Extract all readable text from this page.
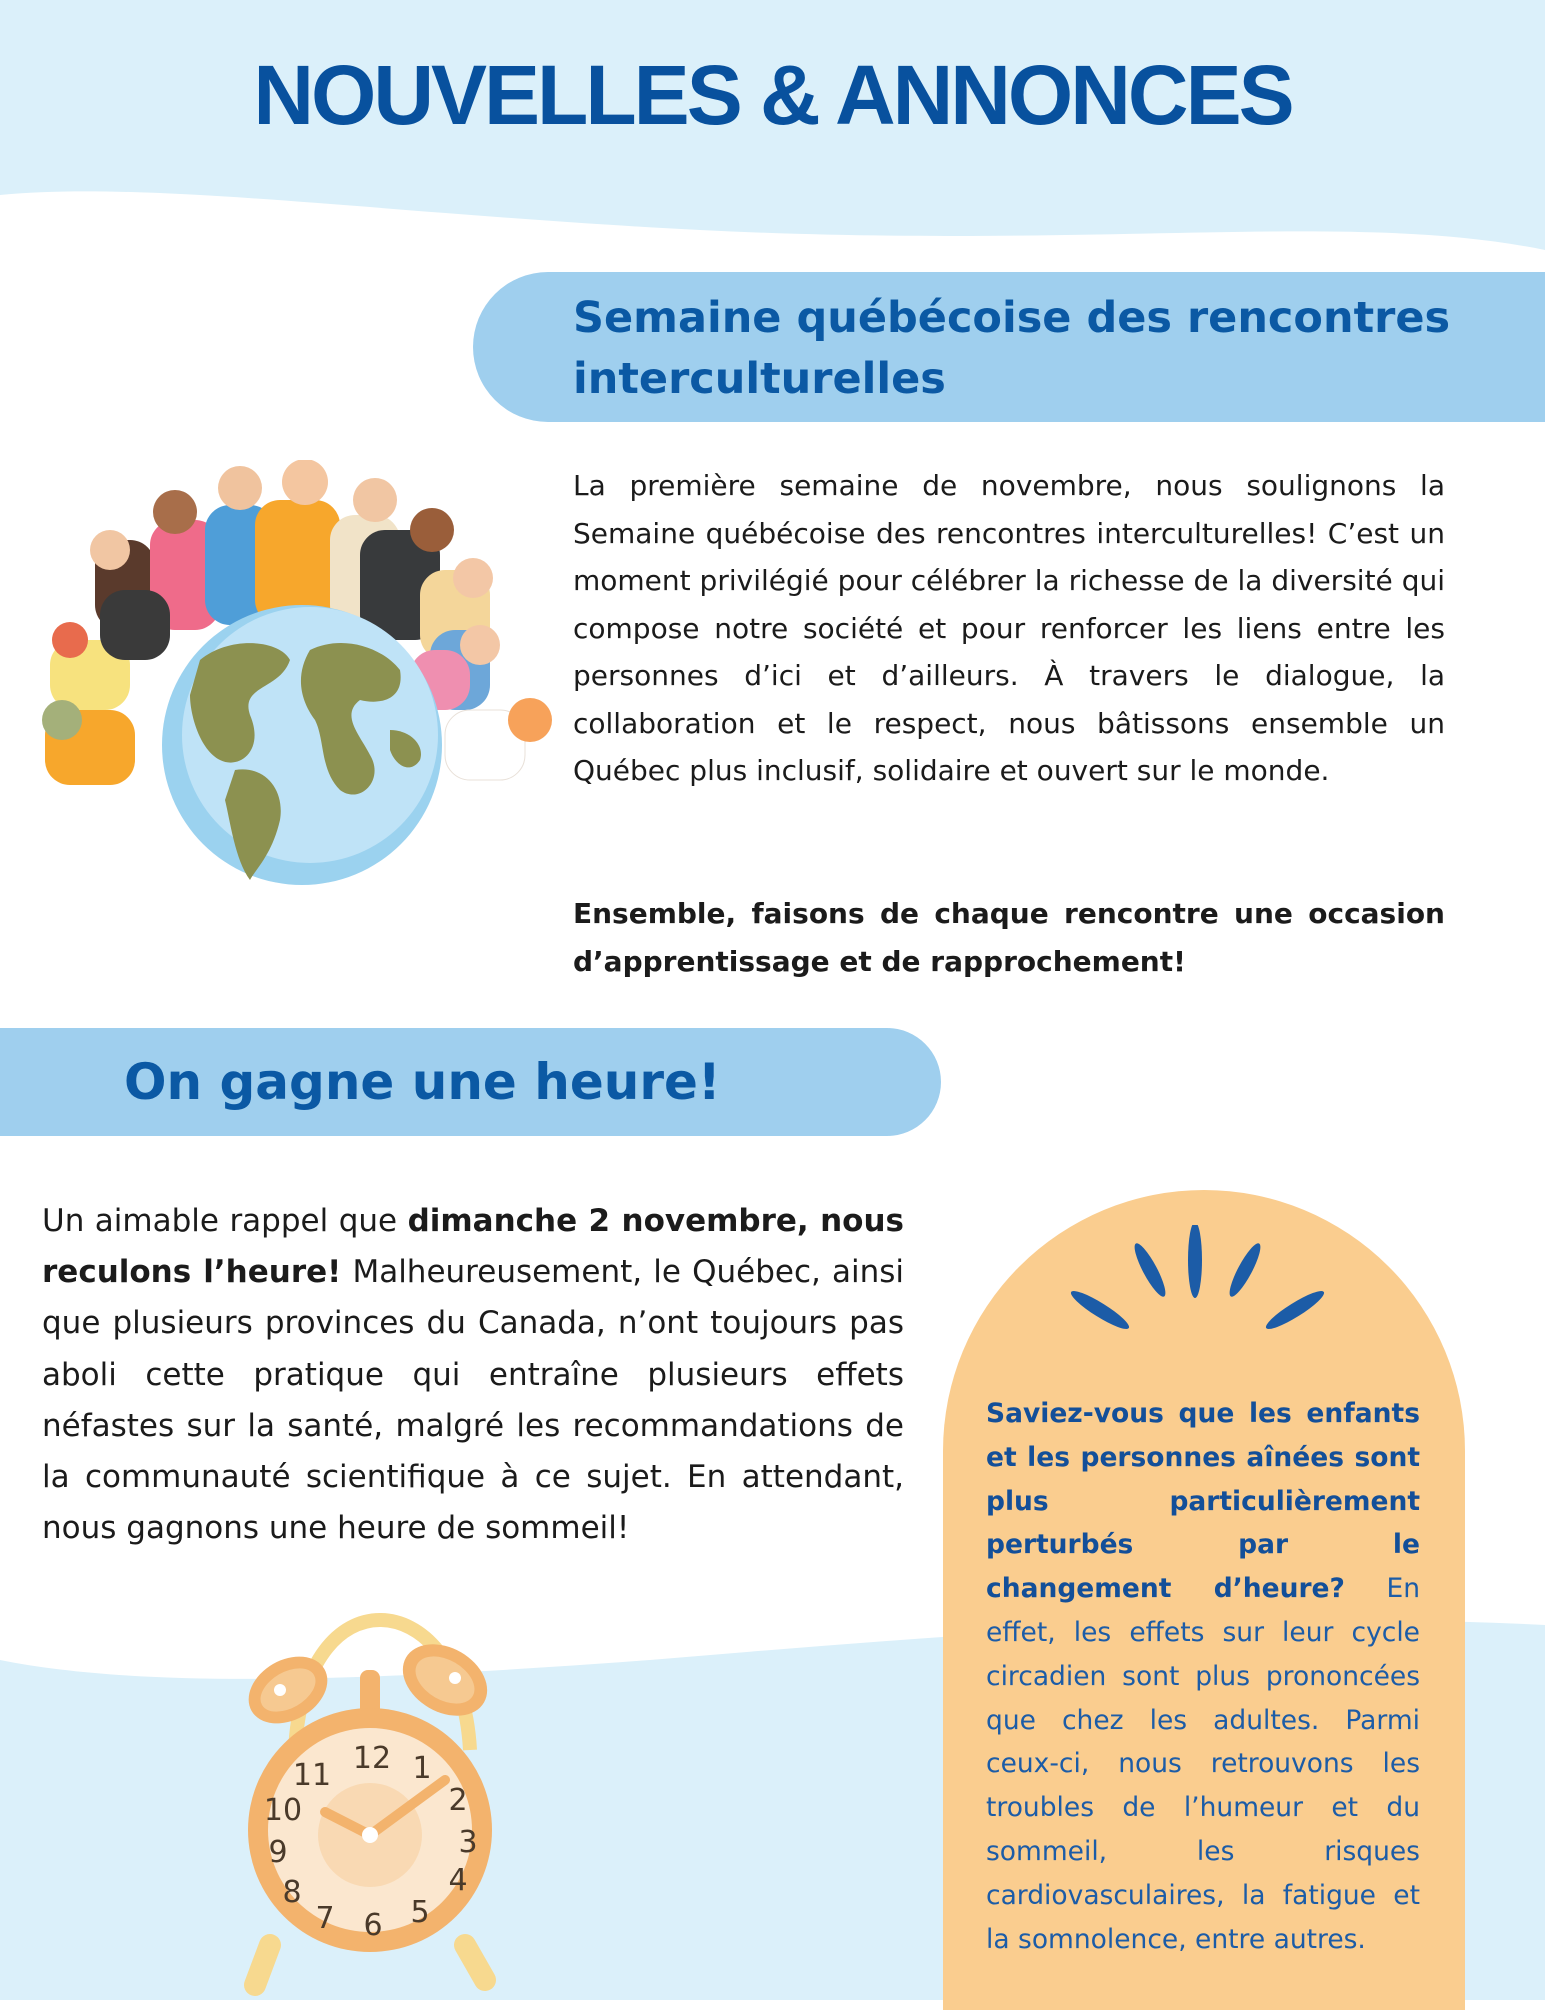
NOUVELLES & ANNONCES
Semaine québécoise des rencontres interculturelles

La première semaine de novembre, nous soulignons la Semaine québécoise des rencontres interculturelles! C’est un moment privilégié pour célébrer la richesse de la diversité qui compose notre société et pour renforcer les liens entre les personnes d’ici et d’ailleurs. À travers le dialogue, la collaboration et le respect, nous bâtissons ensemble un Québec plus inclusif, solidaire et ouvert sur le monde.

Ensemble, faisons de chaque rencontre une occasion d’apprentissage et de rapprochement!

On gagne une heure!

Un aimable rappel que dimanche 2 novembre, nous reculons l’heure! Malheureusement, le Québec, ainsi que plusieurs provinces du Canada, n’ont toujours pas aboli cette pratique qui entraîne plusieurs effets néfastes sur la santé, malgré les recommandations de la communauté scientifique à ce sujet. En attendant, nous gagnons une heure de sommeil!

12 1
2
3
4
5
6
7
8
9
10
11

Saviez-vous que les enfants et les personnes aînées sont plus particulièrement perturbés par le changement d’heure? En effet, les effets sur leur cycle circadien sont plus prononcées que chez les adultes. Parmi ceux-ci, nous retrouvons les troubles de l’humeur et du sommeil, les risques cardiovasculaires, la fatigue et la somnolence, entre autres.
